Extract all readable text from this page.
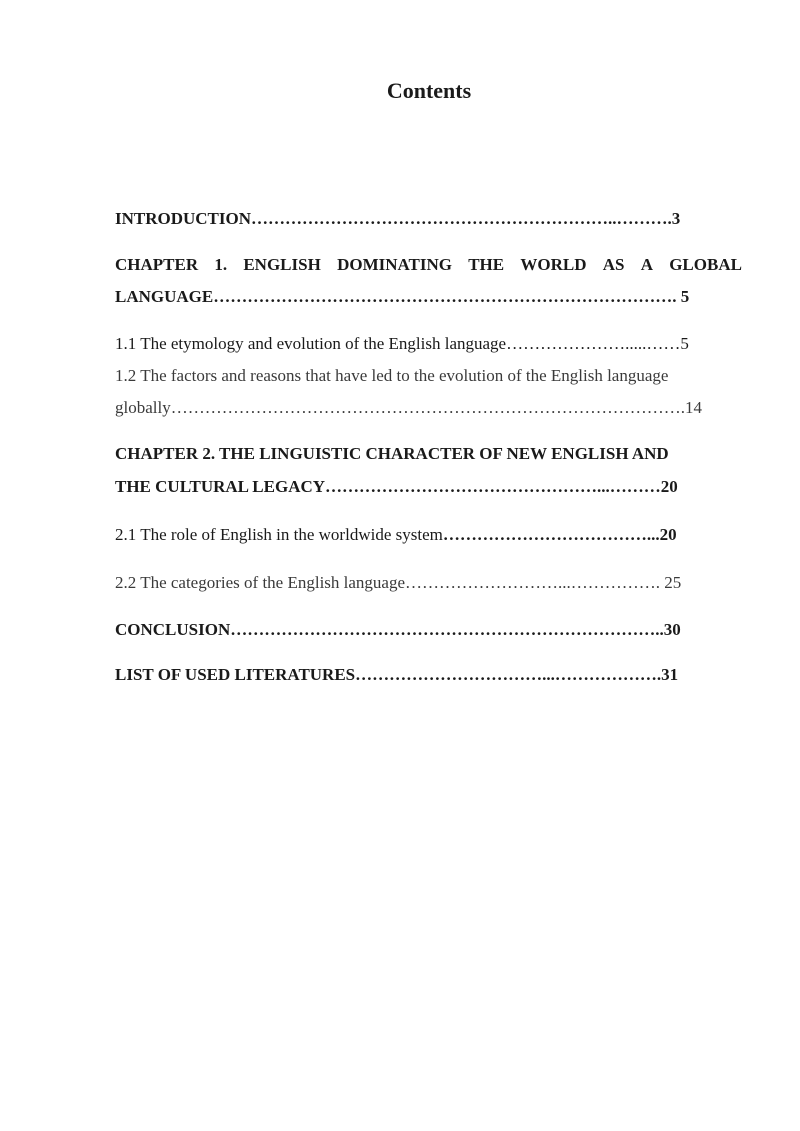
Contents
INTRODUCTION………………………………………………………..……….3
CHAPTER 1. ENGLISH DOMINATING THE WORLD AS A GLOBAL
LANGUAGE………………………………………………………………………. 5
1.1 The etymology and evolution of the English language………………….....……5
1.2 The factors and reasons that have led to the evolution of the English language
globally……………………………………………………………………………….14
CHAPTER 2. THE LINGUISTIC CHARACTER OF NEW ENGLISH AND
THE CULTURAL LEGACY…………………………………………...………20
2.1 The role of English in the worldwide system………………………………...20
2.2 The categories of the English language………………………...……………. 25
CONCLUSION…………………………………………………………………..30
LIST OF USED LITERATURES……………………………...……………….31
